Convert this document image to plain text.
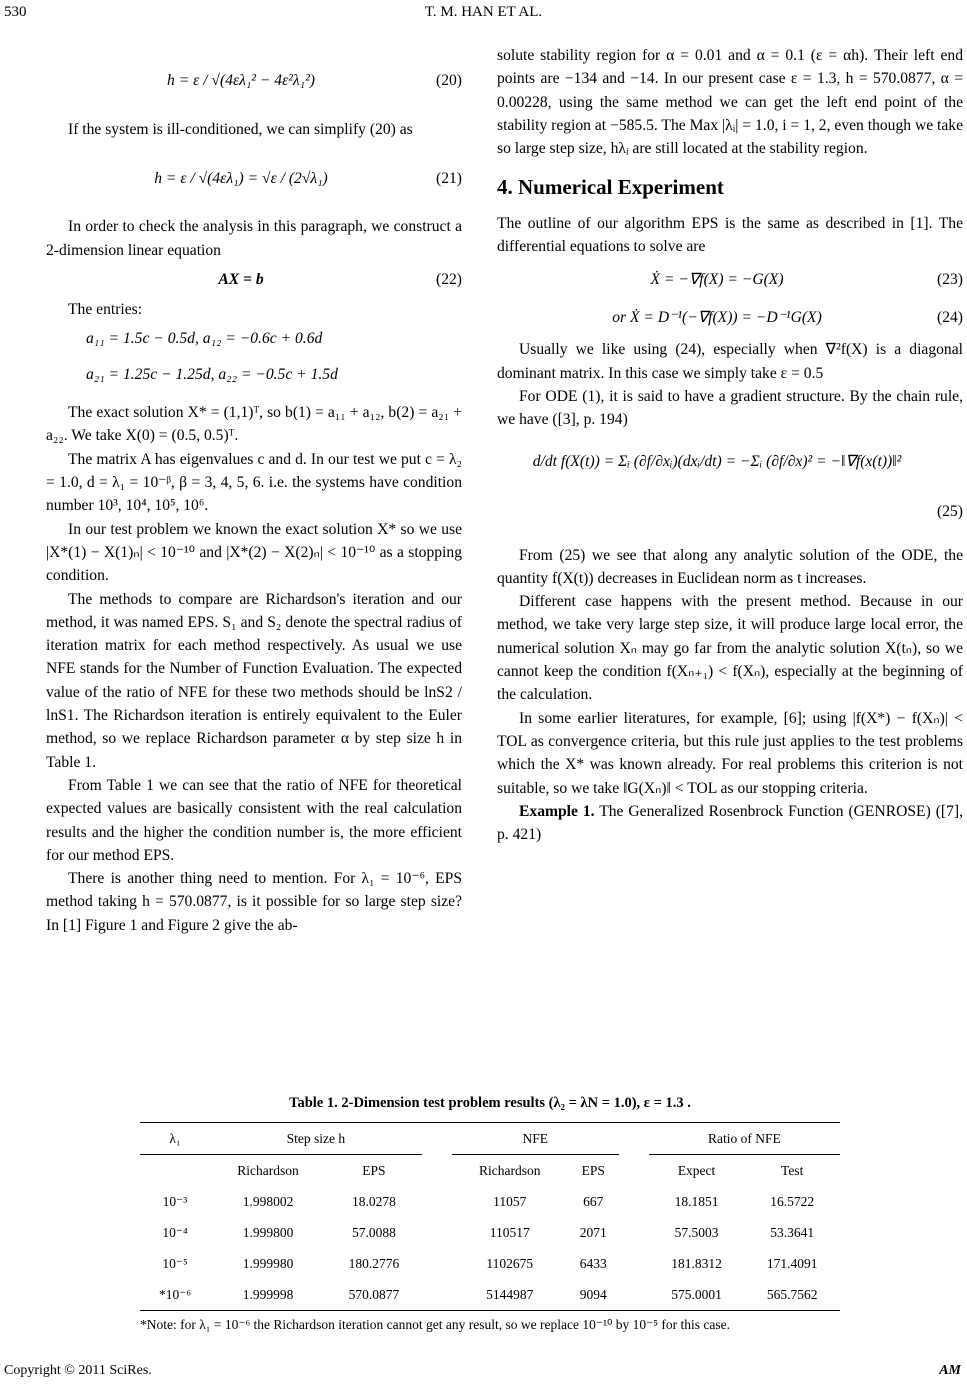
530	T. M. HAN ET AL.
h = ε / √(4ελ₁² − 4ε²λ₁²)	(20)

If the system is ill-conditioned, we can simplify (20) as

h = ε / √(4ελ₁) = √ε / (2√λ₁)	(21)

In order to check the analysis in this paragraph, we construct a 2-dimension linear equation

AX = b	(22)

The entries:

a₁₁ = 1.5c − 0.5d, a₁₂ = −0.6c + 0.6d
a₂₁ = 1.25c − 1.25d, a₂₂ = −0.5c + 1.5d

The exact solution X* = (1,1)ᵀ, so b(1) = a₁₁ + a₁₂, b(2) = a₂₁ + a₂₂. We take X(0) = (0.5, 0.5)ᵀ.

The matrix A has eigenvalues c and d. In our test we put c = λ₂ = 1.0, d = λ₁ = 10⁻ᵝ, β = 3, 4, 5, 6. i.e. the systems have condition number 10³, 10⁴, 10⁵, 10⁶.

In our test problem we known the exact solution X* so we use |X*(1) − X(1)ₙ| < 10⁻¹⁰ and |X*(2) − X(2)ₙ| < 10⁻¹⁰ as a stopping condition.

The methods to compare are Richardson's iteration and our method, it was named EPS. S₁ and S₂ denote the spectral radius of iteration matrix for each method respectively. As usual we use NFE stands for the Number of Function Evaluation. The expected value of the ratio of NFE for these two methods should be lnS2 / lnS1. The Richardson iteration is entirely equivalent to the Euler method, so we replace Richardson parameter α by step size h in Table 1.

From Table 1 we can see that the ratio of NFE for theoretical expected values are basically consistent with the real calculation results and the higher the condition number is, the more efficient for our method EPS.

There is another thing need to mention. For λ₁ = 10⁻⁶, EPS method taking h = 570.0877, is it possible for so large step size? In [1] Figure 1 and Figure 2 give the ab-

solute stability region for α = 0.01 and α = 0.1 (ε = αh). Their left end points are −134 and −14. In our present case ε = 1.3, h = 570.0877, α = 0.00228, using the same method we can get the left end point of the stability region at −585.5. The Max |λᵢ| = 1.0, i = 1, 2, even though we take so large step size, hλᵢ are still located at the stability region.

4. Numerical Experiment

The outline of our algorithm EPS is the same as described in [1]. The differential equations to solve are

Ẋ = −∇f(X) = −G(X)	(23)
or Ẋ = D⁻¹(−∇f(X)) = −D⁻¹G(X)	(24)

Usually we like using (24), especially when ∇²f(X) is a diagonal dominant matrix. In this case we simply take ε = 0.5

For ODE (1), it is said to have a gradient structure. By the chain rule, we have ([3], p. 194)

d/dt f(X(t)) = Σᵢ (∂f/∂xᵢ)(dxᵢ/dt) = −Σᵢ (∂f/∂x)² = −‖∇f(x(t))‖²
(25)

From (25) we see that along any analytic solution of the ODE, the quantity f(X(t)) decreases in Euclidean norm as t increases.

Different case happens with the present method. Because in our method, we take very large step size, it will produce large local error, the numerical solution Xₙ may go far from the analytic solution X(tₙ), so we cannot keep the condition f(Xₙ₊₁) < f(Xₙ), especially at the beginning of the calculation.

In some earlier literatures, for example, [6]; using |f(X*) − f(Xₙ)| < TOL as convergence criteria, but this rule just applies to the test problems which the X* was known already. For real problems this criterion is not suitable, so we take ‖G(Xₙ)‖ < TOL as our stopping criteria.

Example 1. The Generalized Rosenbrock Function (GENROSE) ([7], p. 421)

Table 1. 2-Dimension test problem results (λ₂ = λN = 1.0), ε = 1.3 .
λ₁	Step size h			NFE			Ratio of NFE	
	Richardson	EPS		Richardson	EPS		Expect	Test
10⁻³	1.998002	18.0278		11057	667		18.1851	16.5722
10⁻⁴	1.999800	57.0088		110517	2071		57.5003	53.3641
10⁻⁵	1.999980	180.2776		1102675	6433		181.8312	171.4091
*10⁻⁶	1.999998	570.0877		5144987	9094		575.0001	565.7562
*Note: for λ₁ = 10⁻⁶ the Richardson iteration cannot get any result, so we replace 10⁻¹⁰ by 10⁻⁵ for this case.
Copyright © 2011 SciRes.	AM
